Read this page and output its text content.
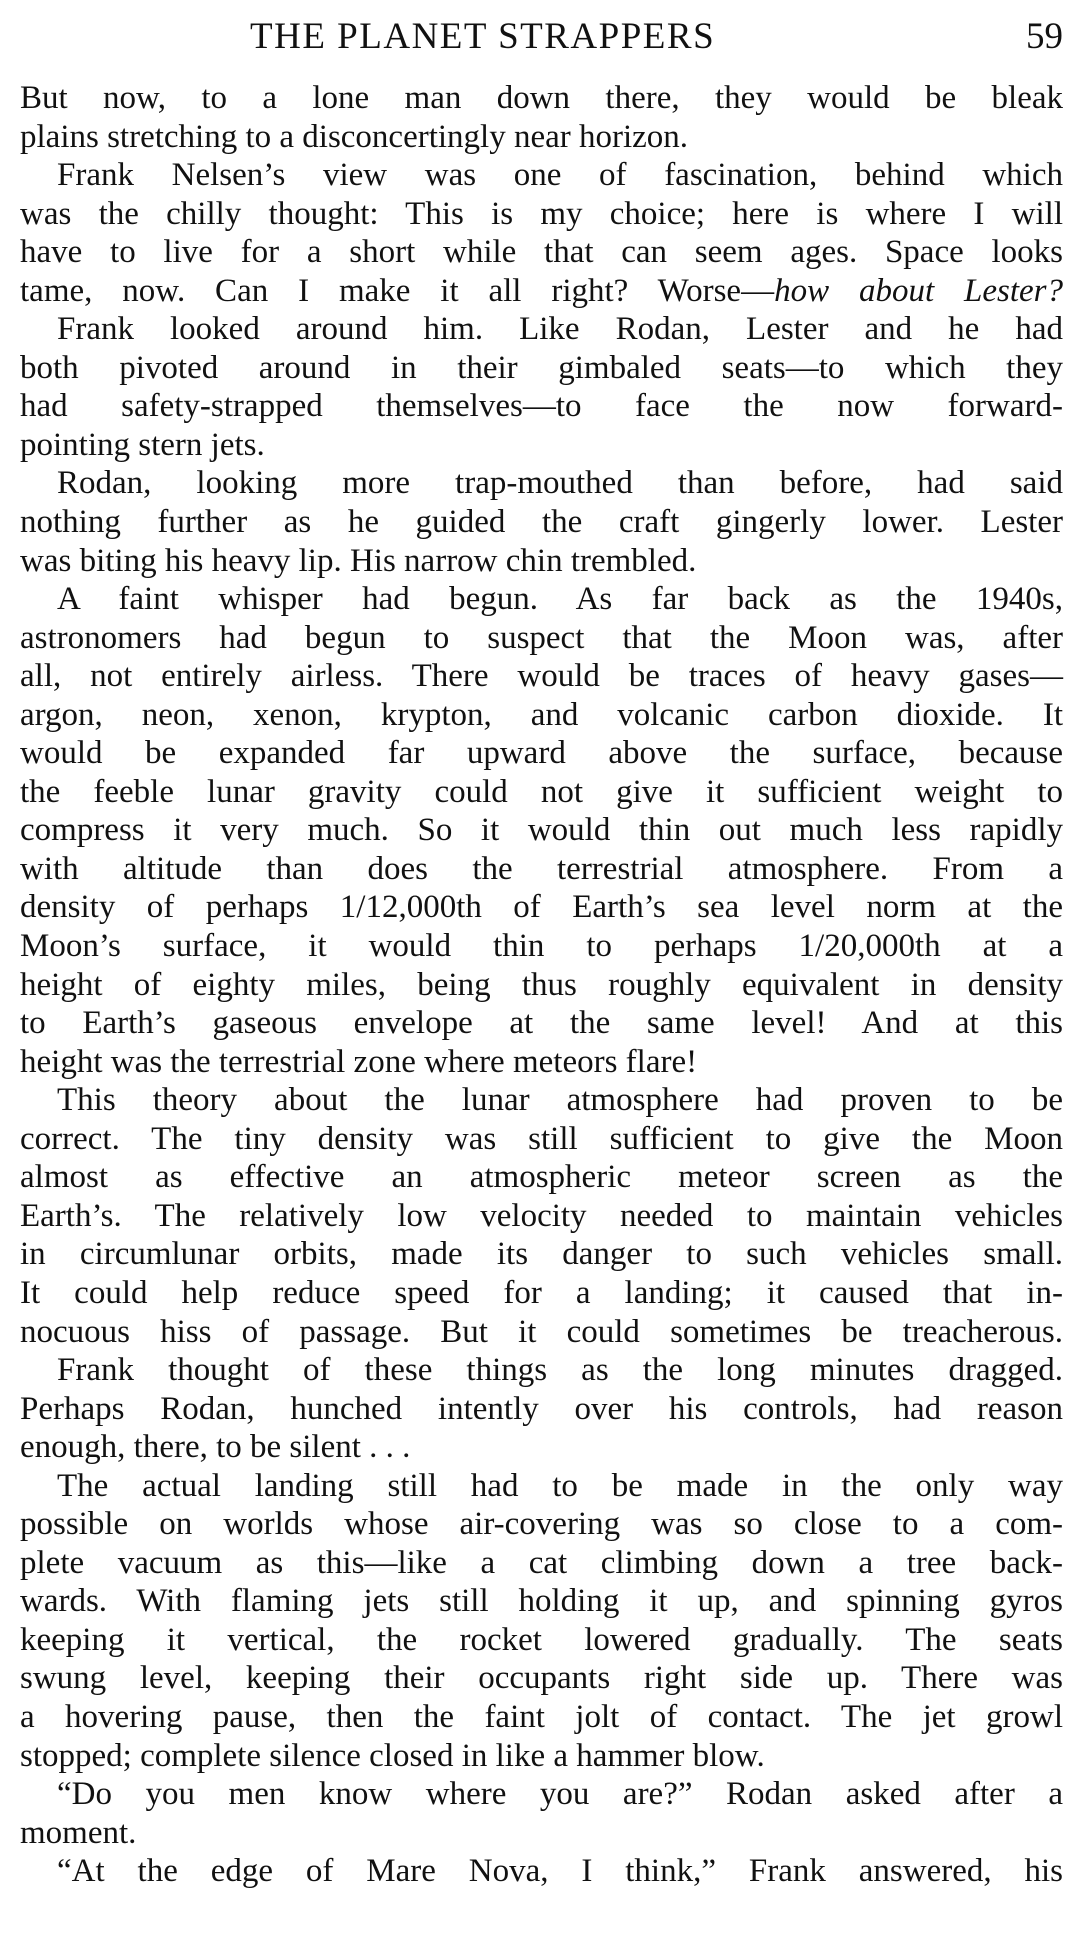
THE PLANET STRAPPERS	59
But now, to a lone man down there, they would be bleak
plains stretching to a disconcertingly near horizon.
Frank Nelsen’s view was one of fascination, behind which
was the chilly thought: This is my choice; here is where I will
have to live for a short while that can seem ages. Space looks
tame, now. Can I make it all right? Worse—how about Lester?
Frank looked around him. Like Rodan, Lester and he had
both pivoted around in their gimbaled seats—to which they
had safety-strapped themselves—to face the now forward-
pointing stern jets.
Rodan, looking more trap-mouthed than before, had said
nothing further as he guided the craft gingerly lower. Lester
was biting his heavy lip. His narrow chin trembled.
A faint whisper had begun. As far back as the 1940s,
astronomers had begun to suspect that the Moon was, after
all, not entirely airless. There would be traces of heavy gases—
argon, neon, xenon, krypton, and volcanic carbon dioxide. It
would be expanded far upward above the surface, because
the feeble lunar gravity could not give it sufficient weight to
compress it very much. So it would thin out much less rapidly
with altitude than does the terrestrial atmosphere. From a
density of perhaps 1/12,000th of Earth’s sea level norm at the
Moon’s surface, it would thin to perhaps 1/20,000th at a
height of eighty miles, being thus roughly equivalent in density
to Earth’s gaseous envelope at the same level! And at this
height was the terrestrial zone where meteors flare!
This theory about the lunar atmosphere had proven to be
correct. The tiny density was still sufficient to give the Moon
almost as effective an atmospheric meteor screen as the
Earth’s. The relatively low velocity needed to maintain vehicles
in circumlunar orbits, made its danger to such vehicles small.
It could help reduce speed for a landing; it caused that in-
nocuous hiss of passage. But it could sometimes be treacherous.
Frank thought of these things as the long minutes dragged.
Perhaps Rodan, hunched intently over his controls, had reason
enough, there, to be silent . . .
The actual landing still had to be made in the only way
possible on worlds whose air-covering was so close to a com-
plete vacuum as this—like a cat climbing down a tree back-
wards. With flaming jets still holding it up, and spinning gyros
keeping it vertical, the rocket lowered gradually. The seats
swung level, keeping their occupants right side up. There was
a hovering pause, then the faint jolt of contact. The jet growl
stopped; complete silence closed in like a hammer blow.
“Do you men know where you are?” Rodan asked after a
moment.
“At the edge of Mare Nova, I think,” Frank answered, his
